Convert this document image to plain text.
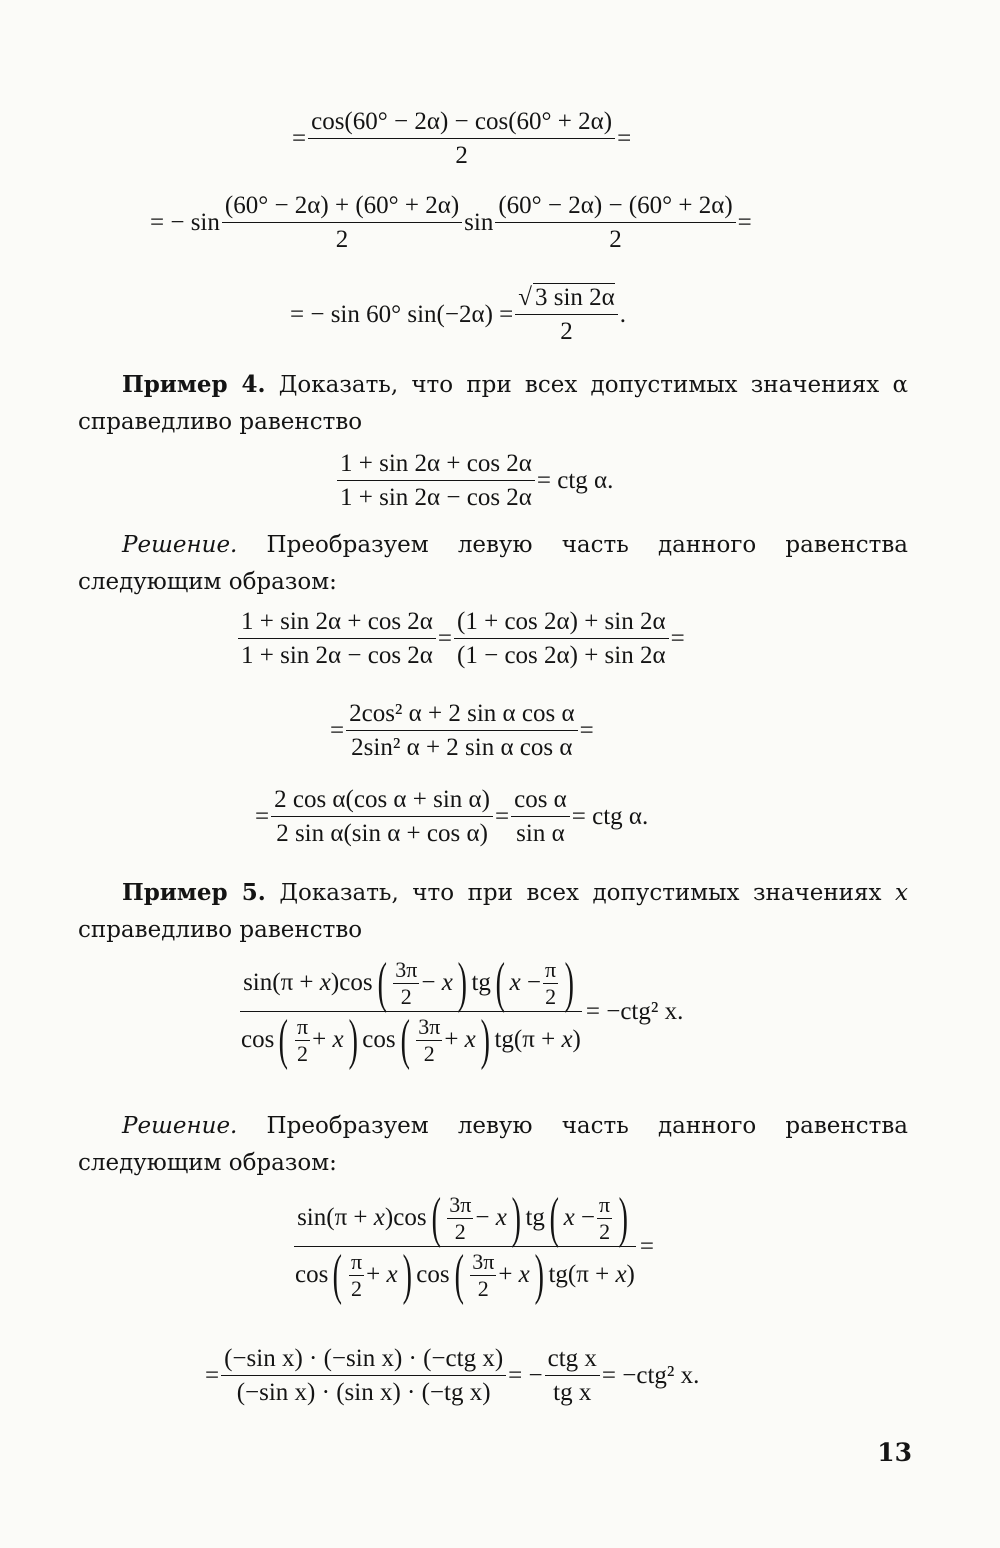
= $\frac{\cos(60^\circ - 2\alpha) - \cos(60^\circ + 2\alpha)}{2}$ =
= − $\sin \frac{(60^\circ - 2\alpha) + (60^\circ + 2\alpha)}{2}$ $\sin \frac{(60^\circ - 2\alpha) - (60^\circ + 2\alpha)}{2}$ =
= − sin 60° $\sin(-2\alpha) = \frac{√ 3 \sin 2\alpha}{2}$ .
Пример 4. Доказать, что при всех допустимых значениях α справедливо равенство
$\frac{1 + \sin 2\alpha + \cos 2\alpha}{1 + \sin 2\alpha - \cos 2\alpha}$ = ctg α.
Решение. Преобразуем левую часть данного равенства следующим образом:
$\frac{1 + \sin 2\alpha + \cos 2\alpha}{1 + \sin 2\alpha - \cos 2\alpha} = \frac{(1 + \cos 2\alpha) + \sin 2\alpha}{(1 - \cos 2\alpha) + \sin 2\alpha}$ =
= $\frac{\text{2cos² α + 2 sin α cos α}}{\text{2sin² α + 2 sin α cos α}}$ =
= $\frac{\text{2 cos α(cos α + sin α)}}{\text{2 sin α(sin α + cos α)}} = \frac{\text{cos α}}{\text{sin α}}$ = ctg α.
Пример 5. Доказать, что при всех допустимых значениях x справедливо равенство
sin(π + x)cos ( 3π
2 − x ) tg ( $x - \frac{\pi}{2}$ )
cos ( π
2 + x ) cos ( 3π
2 + x ) tg(π + x)
= −ctg² x.
Решение. Преобразуем левую часть данного равенства следующим образом:
sin(π + x)cos ( 3π
2 − x ) tg ( $x - \frac{\pi}{2}$ )
cos ( π
2 + x ) cos ( 3π
2 + x ) tg(π + x)
=
= $\frac{\text{(−sin x) · (−sin x) · (−ctg x)}}{\text{(−sin x) · (sin x) · (−tg x)}}$ = − $\frac{\text{ctg x}}{\text{tg x}} = -ctg^2$ x.
13
